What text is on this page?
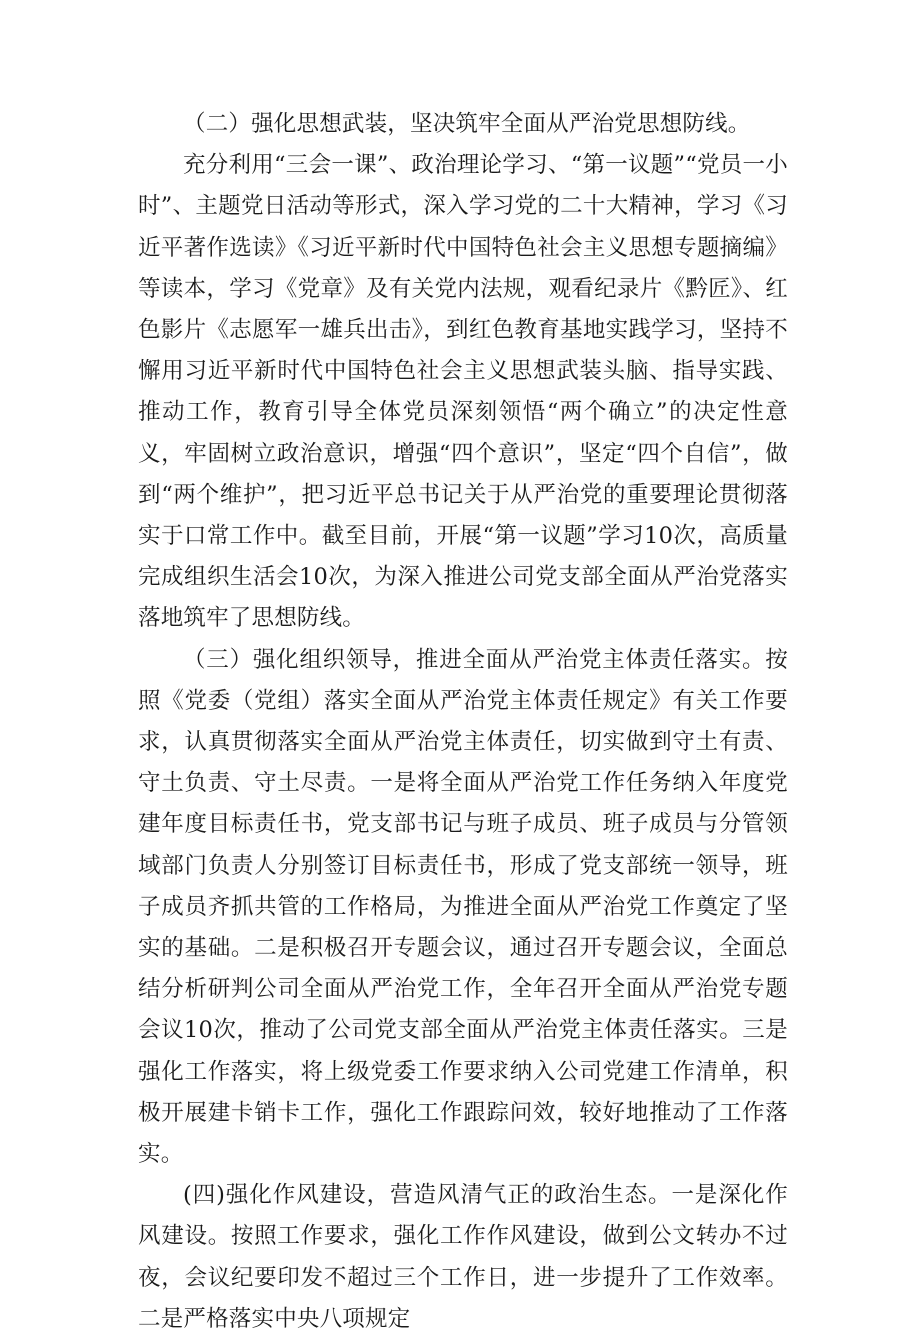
（二）强化思想武装，坚决筑牢全面从严治党思想防线。

充分利用“三会一课”、政治理论学习、“第一议题”“党员一小时”、主题党日活动等形式，深入学习党的二十大精神，学习《习近平著作选读》《习近平新时代中国特色社会主义思想专题摘编》等读本，学习《党章》及有关党内法规，观看纪录片《黔匠》、红色影片《志愿军一雄兵出击》，到红色教育基地实践学习，坚持不懈用习近平新时代中国特色社会主义思想武装头脑、指导实践、推动工作，教育引导全体党员深刻领悟“两个确立”的决定性意义，牢固树立政治意识，增强“四个意识”，坚定“四个自信”，做到“两个维护”，把习近平总书记关于从严治党的重要理论贯彻落实于口常工作中。截至目前，开展“第一议题”学习10次，高质量完成组织生活会10次，为深入推进公司党支部全面从严治党落实落地筑牢了思想防线。

（三）强化组织领导，推进全面从严治党主体责任落实。按照《党委（党组）落实全面从严治党主体责任规定》有关工作要求，认真贯彻落实全面从严治党主体责任，切实做到守土有责、守土负责、守土尽责。一是将全面从严治党工作任务纳入年度党建年度目标责任书，党支部书记与班子成员、班子成员与分管领域部门负责人分别签订目标责任书，形成了党支部统一领导，班子成员齐抓共管的工作格局，为推进全面从严治党工作奠定了坚实的基础。二是积极召开专题会议，通过召开专题会议，全面总结分析研判公司全面从严治党工作，全年召开全面从严治党专题会议10次，推动了公司党支部全面从严治党主体责任落实。三是强化工作落实，将上级党委工作要求纳入公司党建工作清单，积极开展建卡销卡工作，强化工作跟踪问效，较好地推动了工作落实。

(四)强化作风建设，营造风清气正的政治生态。一是深化作风建设。按照工作要求，强化工作作风建设，做到公文转办不过夜，会议纪要印发不超过三个工作日，进一步提升了工作效率。二是严格落实中央八项规定
